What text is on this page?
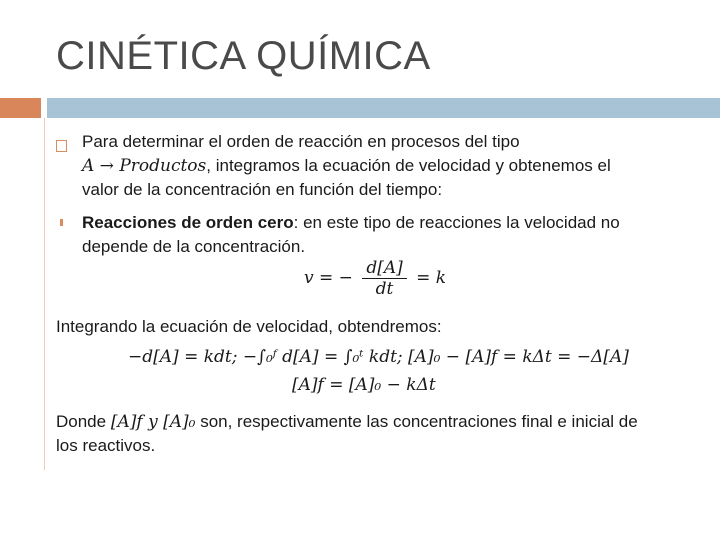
CINÉTICA QUÍMICA
Para determinar el orden de reacción en procesos del tipo
A → Productos, integramos la ecuación de velocidad y obtenemos el
valor de la concentración en función del tiempo:
Reacciones de orden cero: en este tipo de reacciones la velocidad no
depende de la concentración.
v = − $\frac{d[A]}{dt} = k$
Integrando la ecuación de velocidad, obtendremos:
−d[A] = kdt; −∫₀ᶠ d[A] = ∫₀ᵗ kdt; [A]₀ − [A]f = kΔt = −Δ[A]
[A]f = [A]₀ − kΔt
Donde [A]f y [A]₀ son, respectivamente las concentraciones final e inicial de
los reactivos.
